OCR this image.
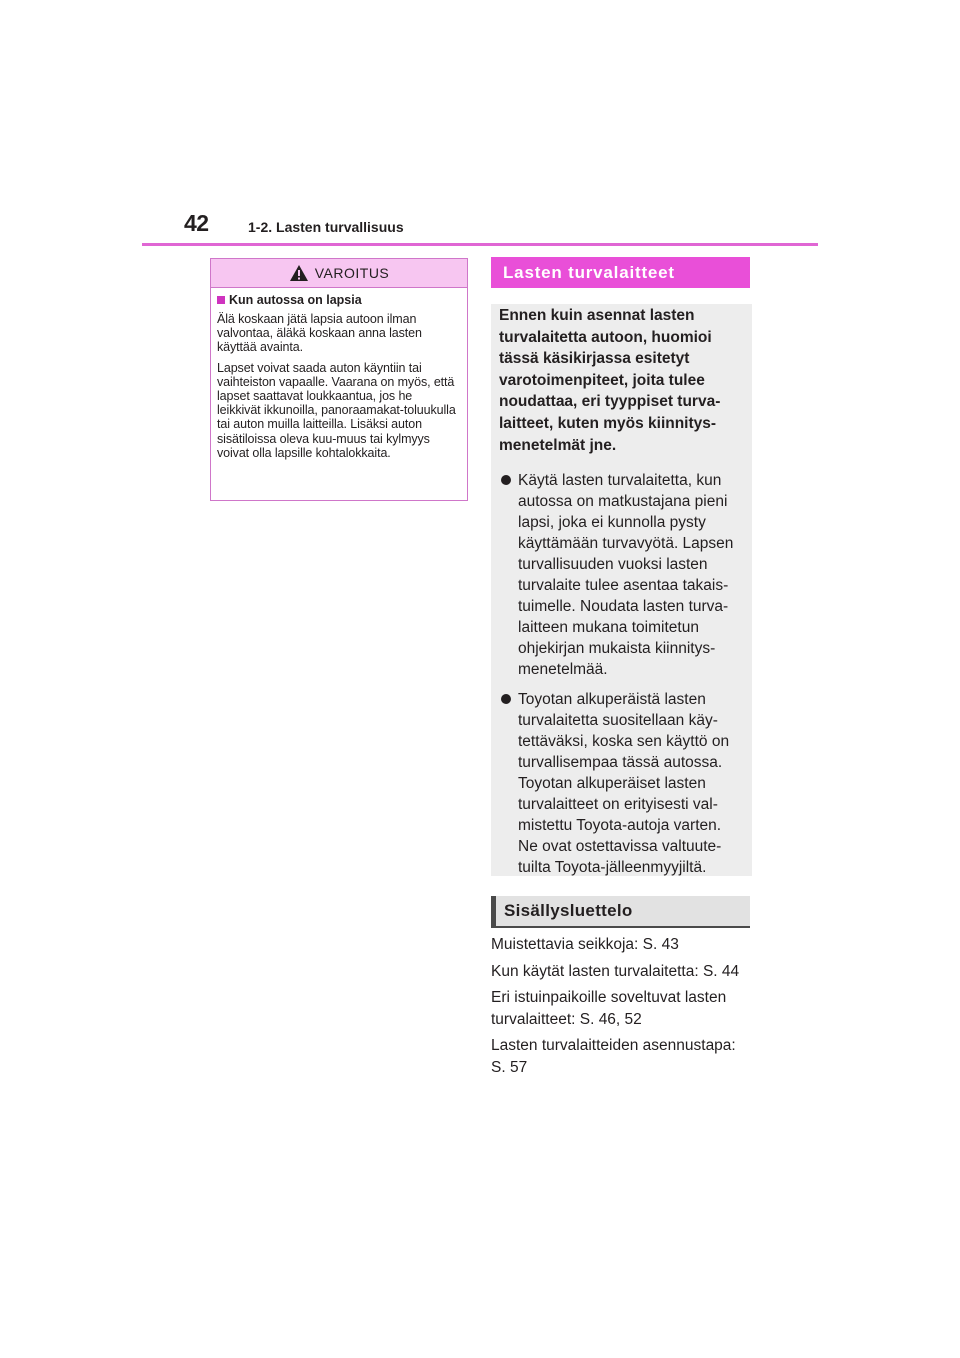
42	1-2. Lasten turvallisuus
VAROITUS
Kun autossa on lapsia

Älä koskaan jätä lapsia autoon ilman valvontaa, äläkä koskaan anna lasten käyttää avainta.

Lapset voivat saada auton käyntiin tai vaihteiston vapaalle. Vaarana on myös, että lapset saattavat loukkaantua, jos he leikkivät ikkunoilla, panoraamakat-toluukulla tai auton muilla laitteilla. Lisäksi auton sisätiloissa oleva kuu-muus tai kylmyys voivat olla lapsille kohtalokkaita.

Lasten turvalaitteet

Ennen kuin asennat lasten turvalaitetta autoon, huomioi tässä käsikirjassa esitetyt varotoimenpiteet, joita tulee noudattaa, eri tyyppiset turva-laitteet, kuten myös kiinnitys-menetelmät jne.

Käytä lasten turvalaitetta, kun autossa on matkustajana pieni lapsi, joka ei kunnolla pysty käyttämään turvavyötä. Lapsen turvallisuuden vuoksi lasten turvalaite tulee asentaa takais-tuimelle. Noudata lasten turva-laitteen mukana toimitetun ohjekirjan mukaista kiinnitys-menetelmää.
Toyotan alkuperäistä lasten turvalaitetta suositellaan käy-tettäväksi, koska sen käyttö on turvallisempaa tässä autossa. Toyotan alkuperäiset lasten turvalaitteet on erityisesti val-mistettu Toyota-autoja varten. Ne ovat ostettavissa valtuute-tuilta Toyota-jälleenmyyjiltä.
Sisällysluettelo

Muistettavia seikkoja: S. 43

Kun käytät lasten turvalaitetta: S. 44

Eri istuinpaikoille soveltuvat lasten turvalaitteet: S. 46, 52

Lasten turvalaitteiden asennustapa: S. 57
